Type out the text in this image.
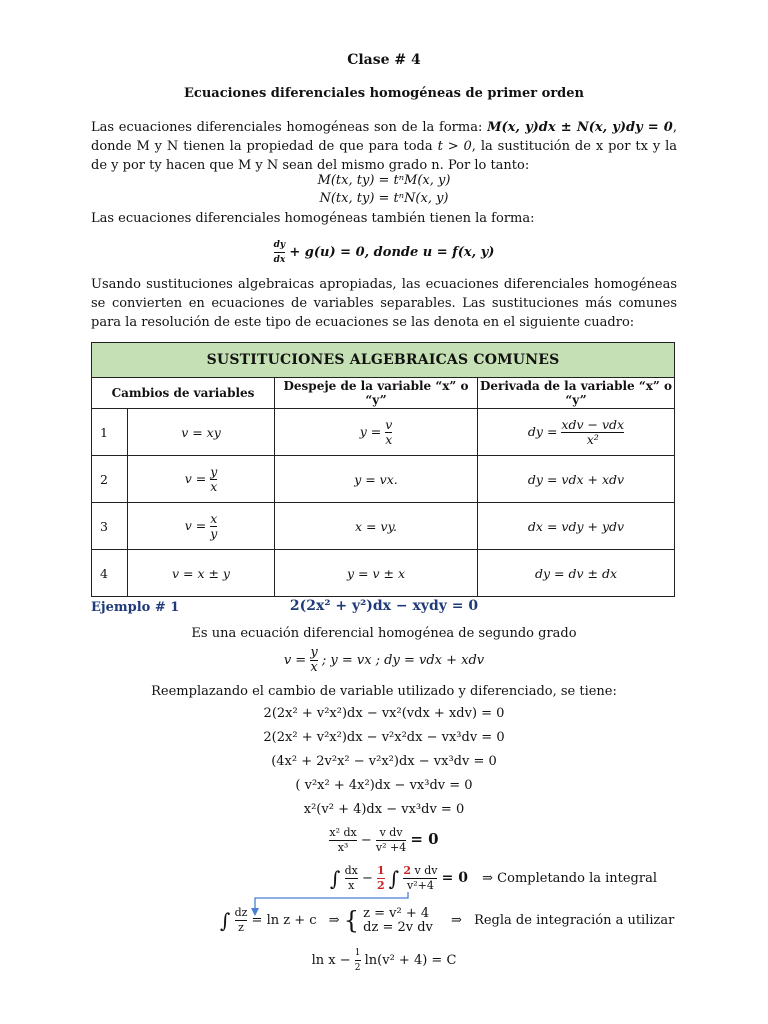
Clase # 4
Ecuaciones diferenciales homogéneas de primer orden
Las ecuaciones diferenciales homogéneas son de la forma: M(x, y)dx ± N(x, y)dy = 0, donde M y N tienen la propiedad de que para toda t > 0, la sustitución de x por tx y la de y por ty hacen que M y N sean del mismo grado n. Por lo tanto:
M(tx, ty) = tⁿM(x, y)
N(tx, ty) = tⁿN(x, y)
Las ecuaciones diferenciales homogéneas también tienen la forma:
$\frac{dy}{dx} + g(u) = 0$, donde u = f(x, y)
Usando sustituciones algebraicas apropiadas, las ecuaciones diferenciales homogéneas se convierten en ecuaciones de variables separables. Las sustituciones más comunes para la resolución de este tipo de ecuaciones se las denota en el siguiente cuadro:
SUSTITUCIONES ALGEBRAICAS COMUNES			
Cambios de variables		Despeje de la variable “x” o “y”	Derivada de la variable “x” o “y”
1	v = xy	$y = \frac{v}{x}$	dy = $\frac{\text{xdv − vdx}}{\text{x²}}$

2	$v = \frac{y}{x}$	y = vx.	dy = vdx + xdv
3	$v = \frac{x}{y}$	x = vy.	dx = vdy + ydv
4	v = x ± y	y = v ± x	dy = dv ± dx
Ejemplo # 1	2(2x² + y²)dx − xydy = 0
Es una ecuación diferencial homogénea de segundo grado
$v = \frac{y}{x}$ ; y = vx ; dy = vdx + xdv
Reemplazando el cambio de variable utilizado y diferenciado, se tiene:
2(2x² + v²x²)dx − vx²(vdx + xdv) = 0
2(2x² + v²x²)dx − v²x²dx − vx³dv = 0
(4x² + 2v²x² − v²x²)dx − vx³dv = 0
( v²x² + 4x²)dx − vx³dv = 0
x²(v² + 4)dx − vx³dv = 0
$\frac{\text{x² dx}}{\text{x³}} - \frac{\text{v dv}}{\text{v² +4}} = 0$
∫ $\frac{dx}{x} - \frac{1}{2}$ ∫ $\frac{\text{2 v dv}}{\text{v²+4}} = 0$ ⇒ Completando la integral
∫ $\frac{dz}{z} = \ln z + c$ ⇒ { z = v² + 4
dz = 2v dv ⇒ Regla de integración a utilizar
$\ln x - \frac{1}{2} \ln(v^2 + 4) = C$
